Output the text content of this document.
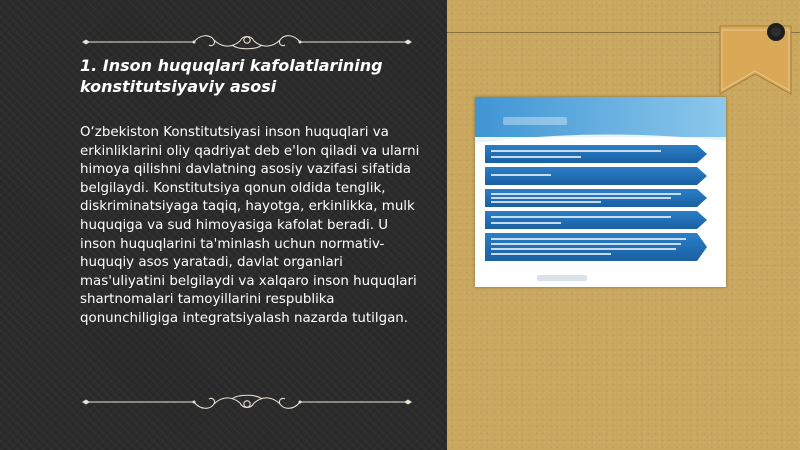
1. Inson huquqlari kafolatlarining konstitutsiyaviy asosi

O‘zbekiston Konstitutsiyasi inson huquqlari va erkinliklarini oliy qadriyat deb e'lon qiladi va ularni himoya qilishni davlatning asosiy vazifasi sifatida belgilaydi. Konstitutsiya qonun oldida tenglik, diskriminatsiyaga taqiq, hayotga, erkinlikka, mulk huquqiga va sud himoyasiga kafolat beradi. U inson huquqlarini ta'minlash uchun normativ-huquqiy asos yaratadi, davlat organlari mas'uliyatini belgilaydi va xalqaro inson huquqlari shartnomalari tamoyillarini respublika qonunchiligiga integratsiyalash nazarda tutilgan.
